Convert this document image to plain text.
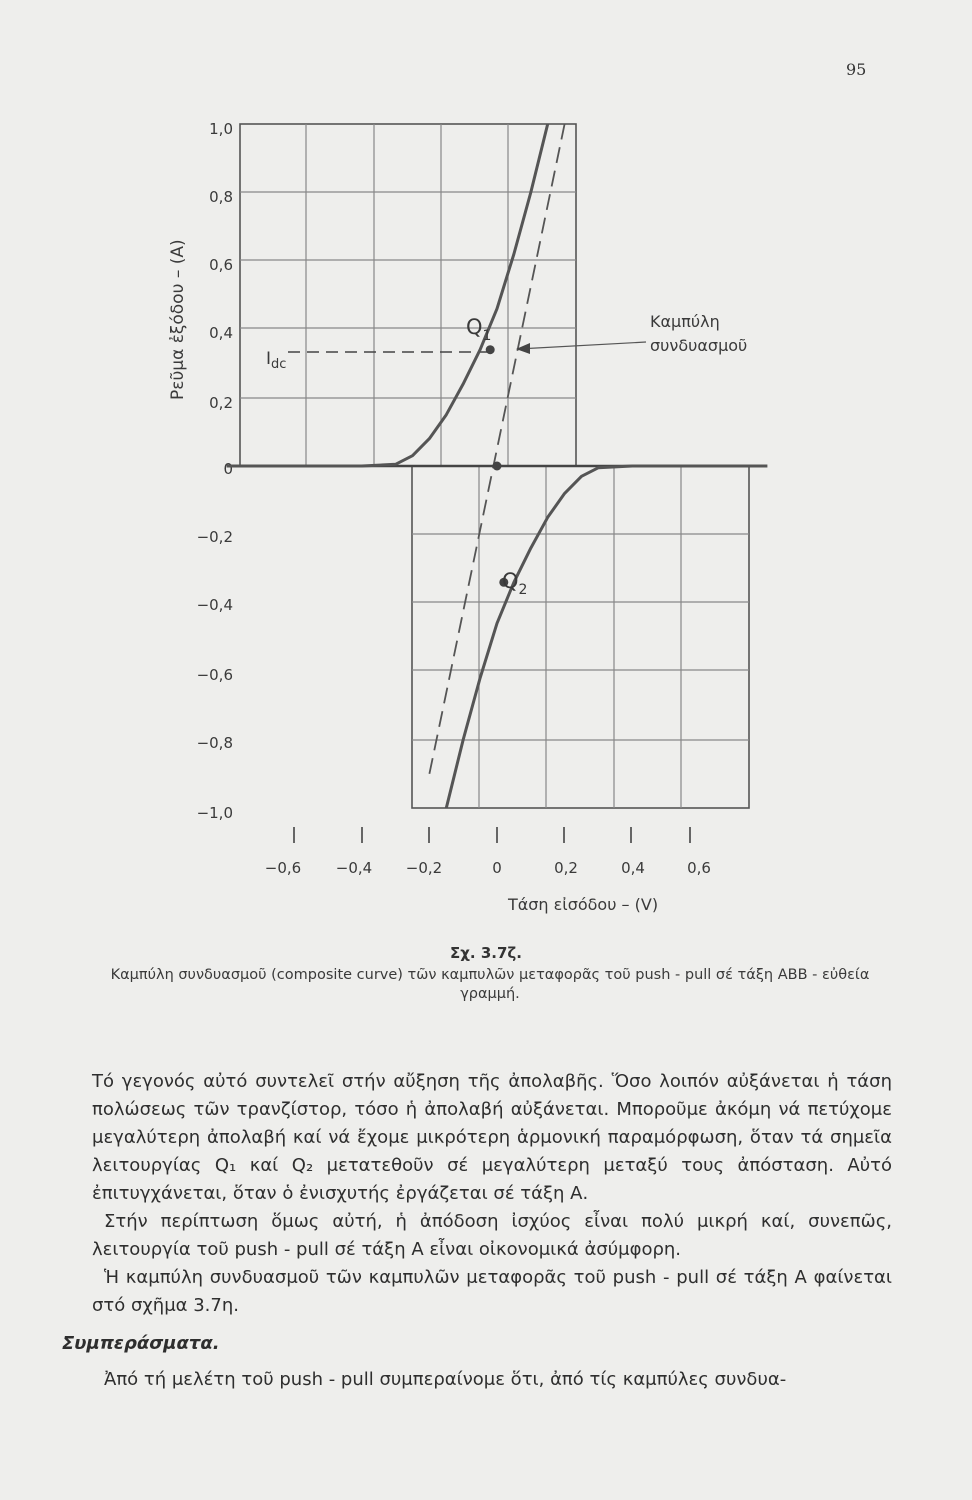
95
Ρεῦμα ἐξόδου – (A)
1,0
0,8
0,6
0,4
0,2
0
−0,2
−0,4
−0,6
−0,8
−1,0
−0,6 −0,4 −0,2	0	0,2	0,4	0,6
Τάση εἰσόδου – (V)
$I_{dc}$
$Q_1$
$Q_2$
Καμπύλη
συνδυασμοῦ
Σχ. 3.7ζ.
Καμπύλη συνδυασμοῦ (composite curve) τῶν καμπυλῶν μεταφορᾶς τοῦ push - pull σέ τάξη ΑΒΒ - εὐθεία γραμμή.

Τό γεγονός αὐτό συντελεῖ στήν αὔξηση τῆς ἀπολαβῆς. Ὅσο λοιπόν αὐξάνεται ἡ τάση πολώσεως τῶν τρανζίστορ, τόσο ἡ ἀπολαβή αὐξάνεται. Μποροῦμε ἀκόμη νά πετύχομε μεγαλύτερη ἀπολαβή καί νά ἔχομε μικρότερη ἁρμονική παραμόρφωση, ὅταν τά σημεῖα λειτουργίας Q₁ καί Q₂ μετατεθοῦν σέ μεγαλύτερη μεταξύ τους ἀπόσταση. Αὐτό ἐπιτυγχάνεται, ὅταν ὁ ἐνισχυτής ἐργάζεται σέ τάξη Α.

Στήν περίπτωση ὅμως αὐτή, ἡ ἀπόδοση ἰσχύος εἶναι πολύ μικρή καί, συνεπῶς, λειτουργία τοῦ push - pull σέ τάξη Α εἶναι οἰκονομικά ἀσύμφορη.

Ἡ καμπύλη συνδυασμοῦ τῶν καμπυλῶν μεταφορᾶς τοῦ push - pull σέ τάξη Α φαίνεται στό σχῆμα 3.7η.

Συμπεράσματα.

Ἀπό τή μελέτη τοῦ push - pull συμπεραίνομε ὅτι, ἀπό τίς καμπύλες συνδυα-
